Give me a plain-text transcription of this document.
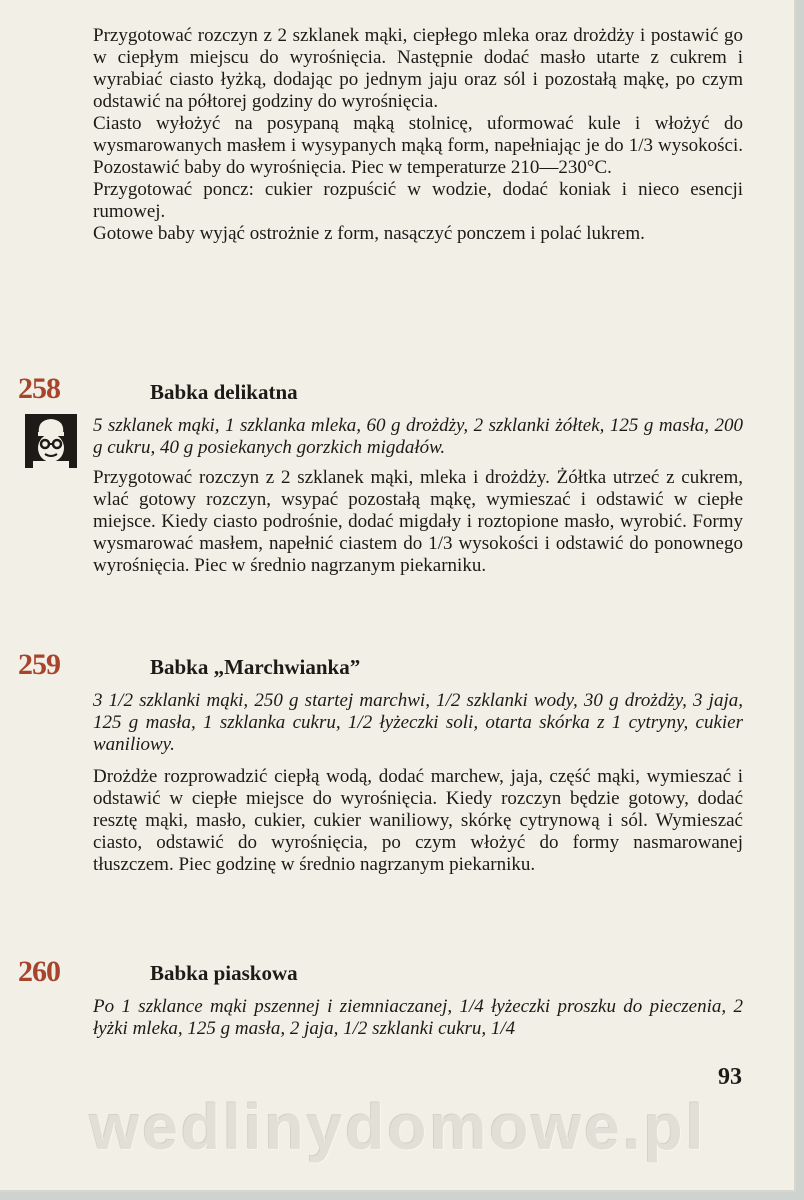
Przygotować rozczyn z 2 szklanek mąki, ciepłego mleka oraz drożdży i postawić go w ciepłym miejscu do wyrośnięcia. Następnie dodać masło utarte z cukrem i wyrabiać ciasto łyżką, dodając po jednym jaju oraz sól i pozostałą mąkę, po czym odstawić na półtorej godziny do wyrośnięcia.

Ciasto wyłożyć na posypaną mąką stolnicę, uformować kule i włożyć do wysmarowanych masłem i wysypanych mąką form, napełniając je do 1/3 wysokości. Pozostawić baby do wyrośnięcia. Piec w temperaturze 210—230°C.

Przygotować poncz: cukier rozpuścić w wodzie, dodać koniak i nieco esencji rumowej.

Gotowe baby wyjąć ostrożnie z form, nasączyć ponczem i polać lukrem.

258	Babka delikatna

5 szklanek mąki, 1 szklanka mleka, 60 g drożdży, 2 szklanki żółtek, 125 g masła, 200 g cukru, 40 g posiekanych gorzkich migdałów.

Przygotować rozczyn z 2 szklanek mąki, mleka i drożdży. Żółtka utrzeć z cukrem, wlać gotowy rozczyn, wsypać pozostałą mąkę, wymieszać i odstawić w ciepłe miejsce. Kiedy ciasto podrośnie, dodać migdały i roztopione masło, wyrobić. Formy wysmarować masłem, napełnić ciastem do 1/3 wysokości i odstawić do ponownego wyrośnięcia. Piec w średnio nagrzanym piekarniku.

259	Babka „Marchwianka”

3 1/2 szklanki mąki, 250 g startej marchwi, 1/2 szklanki wody, 30 g drożdży, 3 jaja, 125 g masła, 1 szklanka cukru, 1/2 łyżeczki soli, otarta skórka z 1 cytryny, cukier waniliowy.

Drożdże rozprowadzić ciepłą wodą, dodać marchew, jaja, część mąki, wymieszać i odstawić w ciepłe miejsce do wyrośnięcia. Kiedy rozczyn będzie gotowy, dodać resztę mąki, masło, cukier, cukier waniliowy, skórkę cytrynową i sól. Wymieszać ciasto, odstawić do wyrośnięcia, po czym włożyć do formy nasmarowanej tłuszczem. Piec godzinę w średnio nagrzanym piekarniku.

260	Babka piaskowa

Po 1 szklance mąki pszennej i ziemniaczanej, 1/4 łyżeczki proszku do pieczenia, 2 łyżki mleka, 125 g masła, 2 jaja, 1/2 szklanki cukru, 1/4

93
wedlinydomowe.pl
